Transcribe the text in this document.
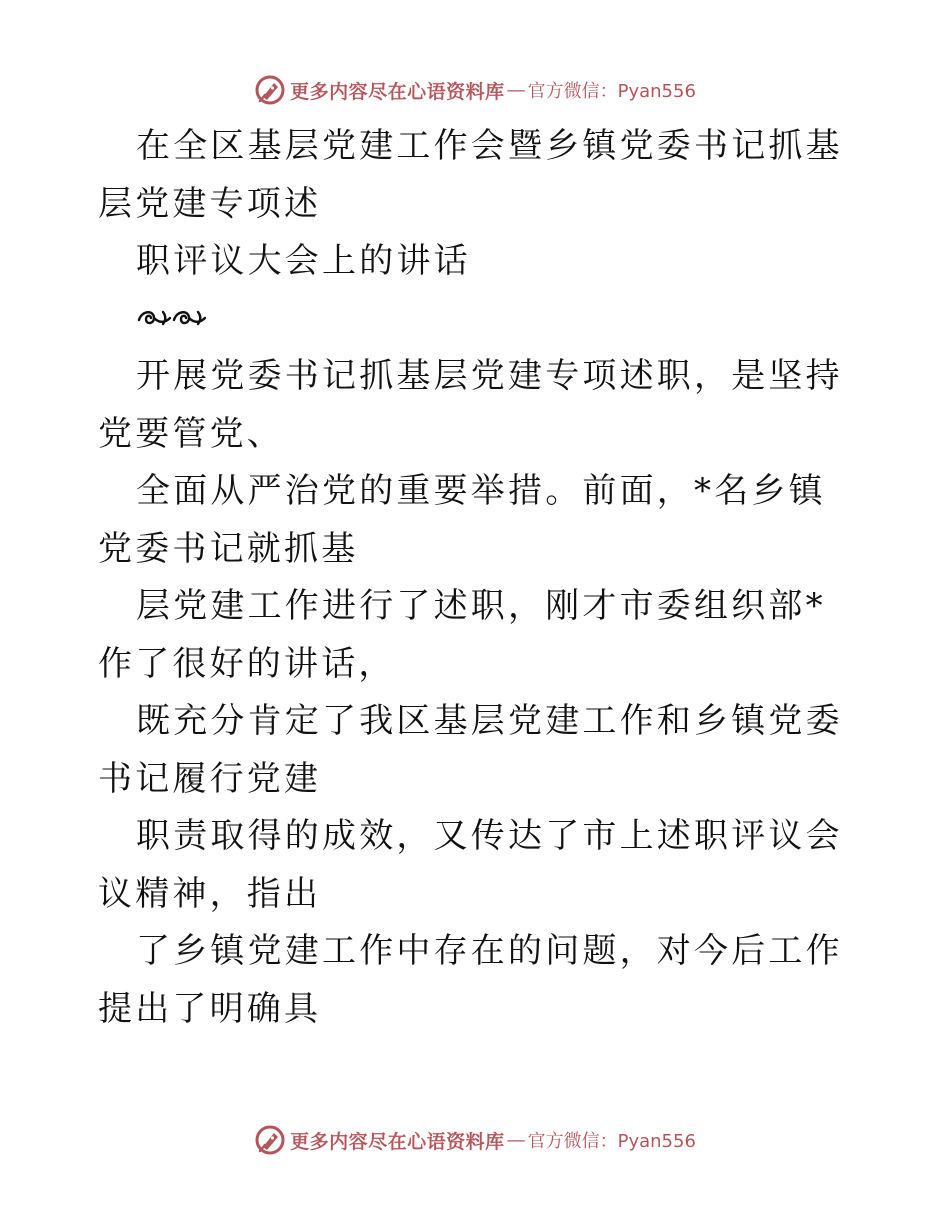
更多内容尽在心语资料库 — 官方微信：Pyan556

在全区基层党建工作会暨乡镇党委书记抓基层党建专项述

职评议大会上的讲话

开展党委书记抓基层党建专项述职，是坚持党要管党、

全面从严治党的重要举措。前面，*名乡镇党委书记就抓基

层党建工作进行了述职，刚才市委组织部*作了很好的讲话，

既充分肯定了我区基层党建工作和乡镇党委书记履行党建

职责取得的成效，又传达了市上述职评议会议精神，指出

了乡镇党建工作中存在的问题，对今后工作提出了明确具

更多内容尽在心语资料库 — 官方微信：Pyan556
